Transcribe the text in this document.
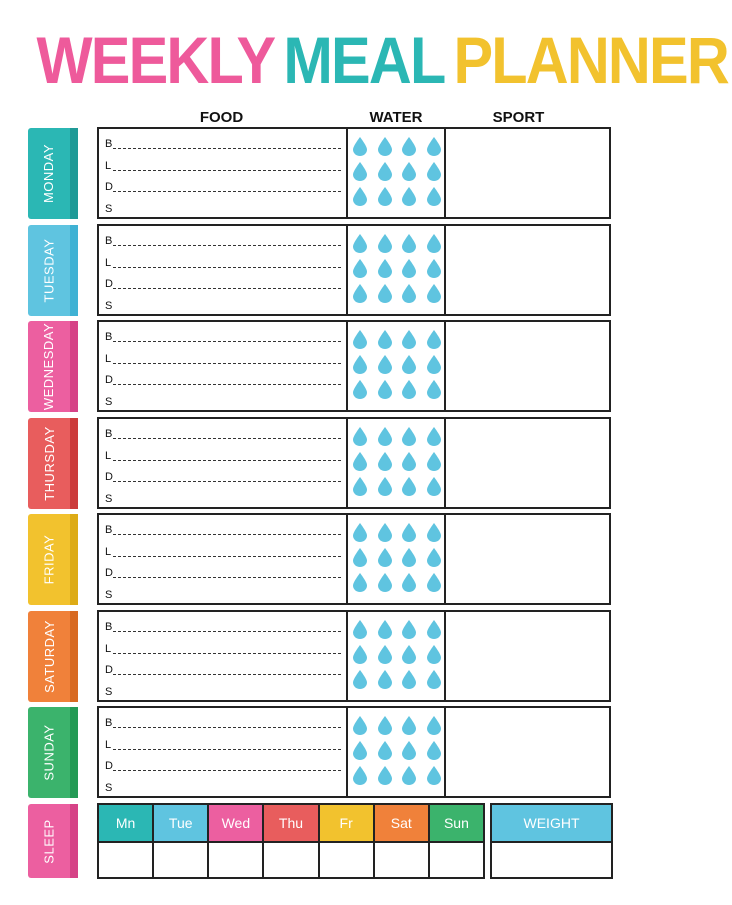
WEEKLY MEAL PLANNER
FOOD	WATER	SPORT
MONDAY	B
L
D
S
TUESDAY	B
L
D
S
WEDNESDAY	B
L
D
S
THURSDAY	B
L
D
S
FRIDAY
B
L
D
S
SATURDAY	B
L
D
S
SUNDAY
B
L
D
S
SLEEP	Mn	Tue	Wed	Thu	Fr	Sat	Sun	WEIGHT
